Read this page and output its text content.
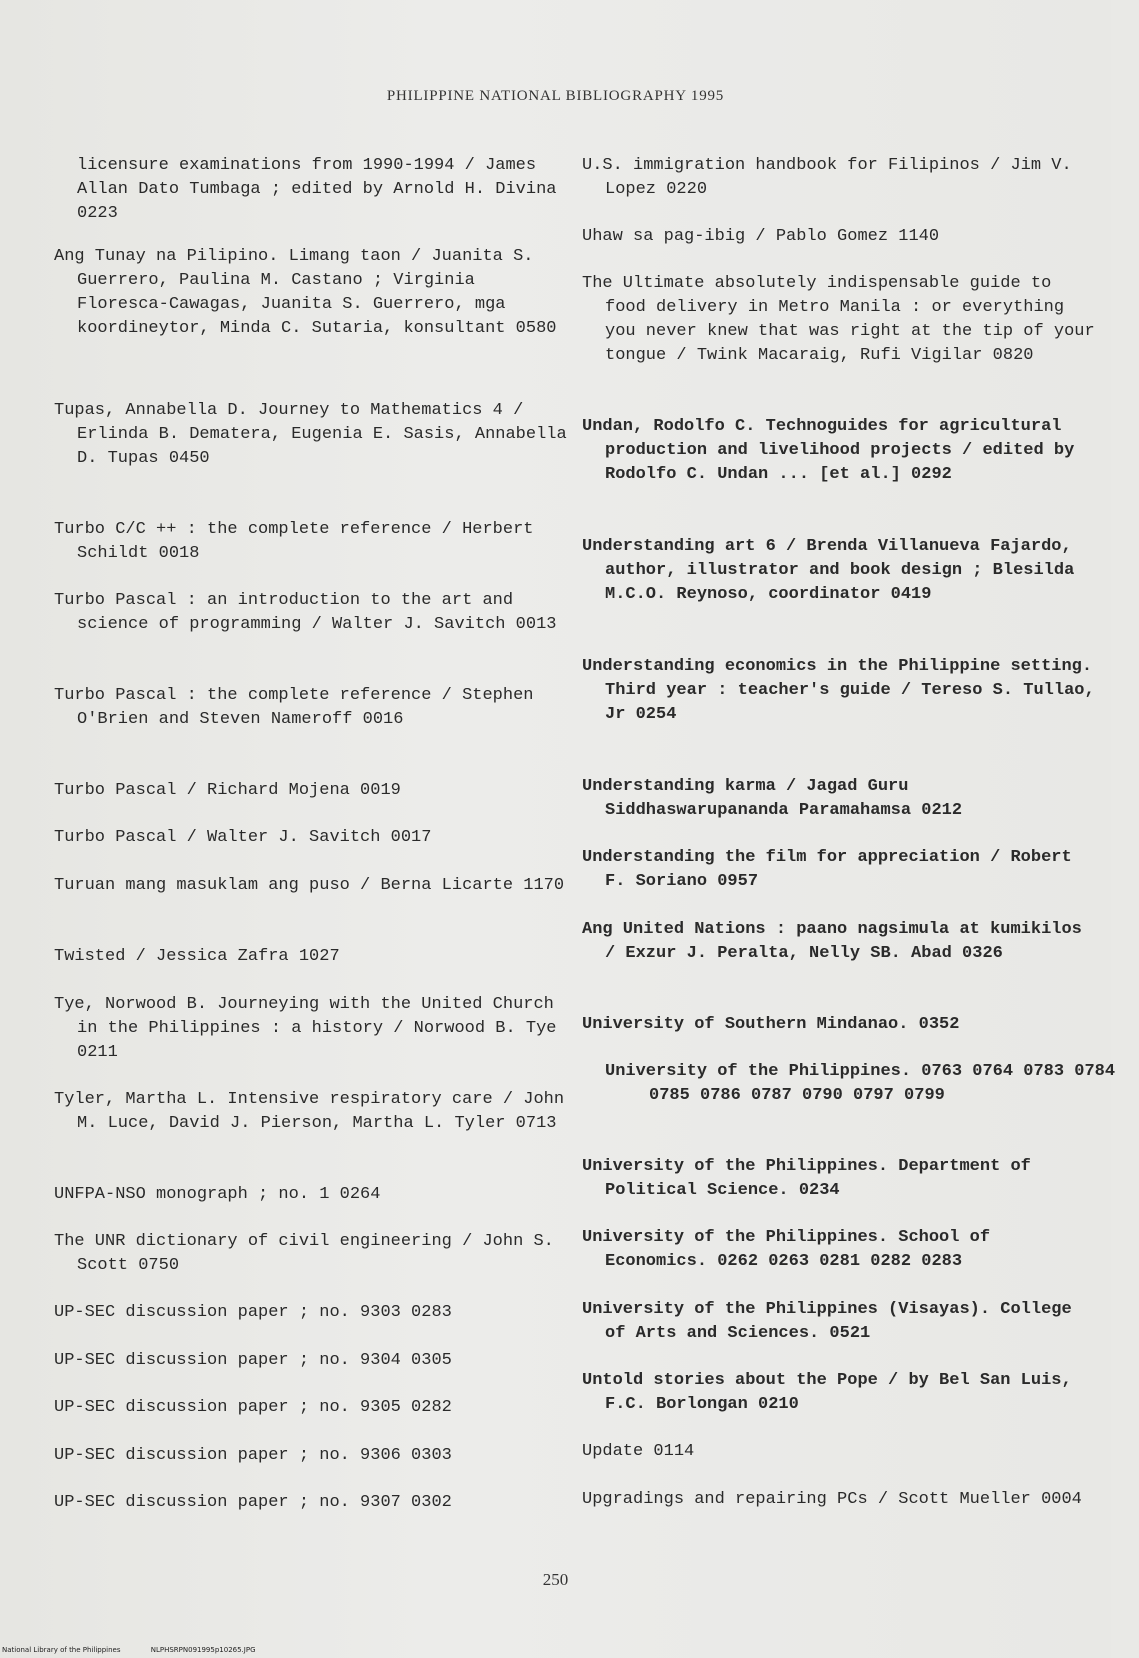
PHILIPPINE NATIONAL BIBLIOGRAPHY 1995
licensure examinations from 1990-1994 / James Allan Dato Tumbaga ; edited by Arnold H. Divina 0223
Ang Tunay na Pilipino. Limang taon / Juanita S. Guerrero, Paulina M. Castano ; Virginia Floresca-Cawagas, Juanita S. Guerrero, mga koordineytor, Minda C. Sutaria, konsultant 0580
Tupas, Annabella D. Journey to Mathematics 4 / Erlinda B. Dematera, Eugenia E. Sasis, Annabella D. Tupas 0450
Turbo C/C ++ : the complete reference / Herbert Schildt 0018
Turbo Pascal : an introduction to the art and science of programming / Walter J. Savitch 0013
Turbo Pascal : the complete reference / Stephen O'Brien and Steven Nameroff 0016
Turbo Pascal / Richard Mojena 0019
Turbo Pascal / Walter J. Savitch 0017
Turuan mang masuklam ang puso / Berna Licarte 1170
Twisted / Jessica Zafra 1027
Tye, Norwood B. Journeying with the United Church in the Philippines : a history / Norwood B. Tye 0211
Tyler, Martha L. Intensive respiratory care / John M. Luce, David J. Pierson, Martha L. Tyler 0713
UNFPA-NSO monograph ; no. 1 0264
The UNR dictionary of civil engineering / John S. Scott 0750
UP-SEC discussion paper ; no. 9303 0283
UP-SEC discussion paper ; no. 9304 0305
UP-SEC discussion paper ; no. 9305 0282
UP-SEC discussion paper ; no. 9306 0303
UP-SEC discussion paper ; no. 9307 0302
U.S. immigration handbook for Filipinos / Jim V. Lopez 0220
Uhaw sa pag-ibig / Pablo Gomez 1140
The Ultimate absolutely indispensable guide to food delivery in Metro Manila : or everything you never knew that was right at the tip of your tongue / Twink Macaraig, Rufi Vigilar 0820
Undan, Rodolfo C. Technoguides for agricultural production and livelihood projects / edited by Rodolfo C. Undan ... [et al.] 0292
Understanding art 6 / Brenda Villanueva Fajardo, author, illustrator and book design ; Blesilda M.C.O. Reynoso, coordinator 0419
Understanding economics in the Philippine setting. Third year : teacher's guide / Tereso S. Tullao, Jr 0254
Understanding karma / Jagad Guru Siddhaswarupananda Paramahamsa 0212
Understanding the film for appreciation / Robert F. Soriano 0957
Ang United Nations : paano nagsimula at kumikilos / Exzur J. Peralta, Nelly SB. Abad 0326
University of Southern Mindanao. 0352
University of the Philippines. 0763 0764 0783 0784 0785 0786 0787 0790 0797 0799
University of the Philippines. Department of Political Science. 0234
University of the Philippines. School of Economics. 0262 0263 0281 0282 0283
University of the Philippines (Visayas). College of Arts and Sciences. 0521
Untold stories about the Pope / by Bel San Luis, F.C. Borlongan 0210
Update 0114
Upgradings and repairing PCs / Scott Mueller 0004
250
National Library of the Philippines	NLPHSRPN091995p10265.JPG
